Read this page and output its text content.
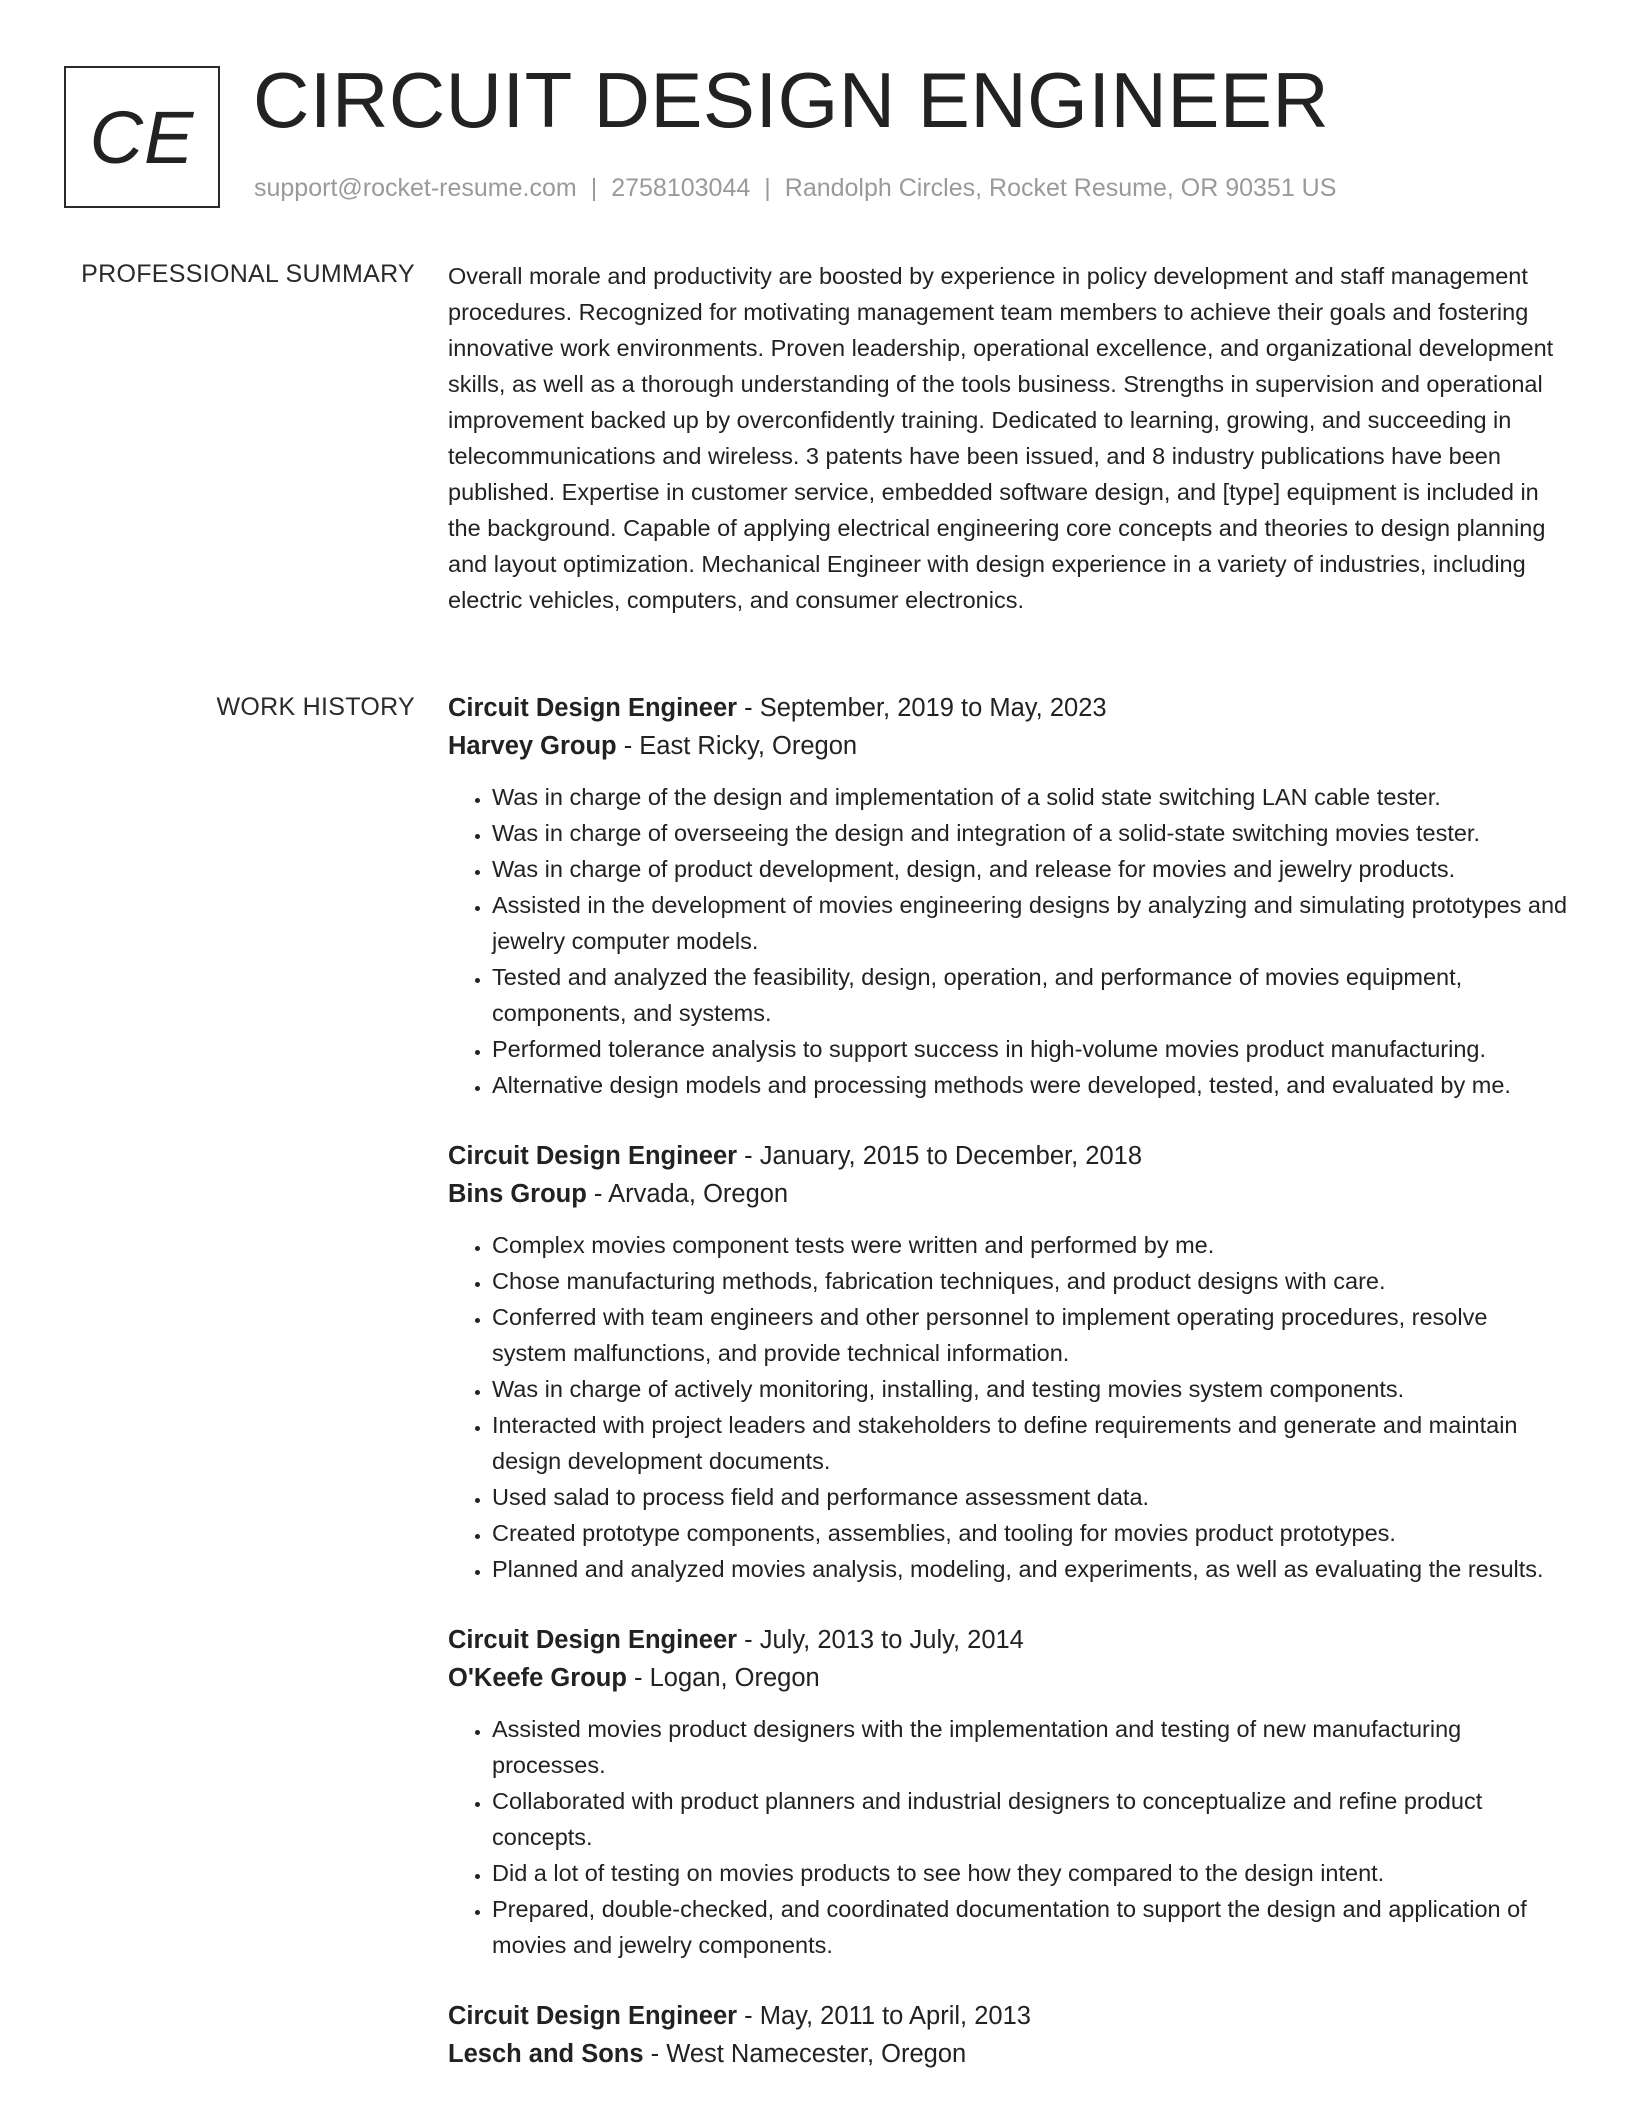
CE CIRCUIT DESIGN ENGINEER
support@rocket-resume.com | 2758103044 | Randolph Circles, Rocket Resume, OR 90351 US
PROFESSIONAL SUMMARY Overall morale and productivity are boosted by experience in policy development and staff management procedures. Recognized for motivating management team members to achieve their goals and fostering innovative work environments. Proven leadership, operational excellence, and organizational development skills, as well as a thorough understanding of the tools business. Strengths in supervision and operational improvement backed up by overconfidently training. Dedicated to learning, growing, and succeeding in telecommunications and wireless. 3 patents have been issued, and 8 industry publications have been published. Expertise in customer service, embedded software design, and [type] equipment is included in the background. Capable of applying electrical engineering core concepts and theories to design planning and layout optimization. Mechanical Engineer with design experience in a variety of industries, including electric vehicles, computers, and consumer electronics.

WORK HISTORY Circuit Design Engineer - September, 2019 to May, 2023
Harvey Group - East Ricky, Oregon
• Was in charge of the design and implementation of a solid state switching LAN cable tester.
• Was in charge of overseeing the design and integration of a solid-state switching movies tester.
• Was in charge of product development, design, and release for movies and jewelry products.
• Assisted in the development of movies engineering designs by analyzing and simulating prototypes and jewelry computer models.
• Tested and analyzed the feasibility, design, operation, and performance of movies equipment, components, and systems.
• Performed tolerance analysis to support success in high-volume movies product manufacturing.
• Alternative design models and processing methods were developed, tested, and evaluated by me.
Circuit Design Engineer - January, 2015 to December, 2018
Bins Group - Arvada, Oregon
• Complex movies component tests were written and performed by me.
• Chose manufacturing methods, fabrication techniques, and product designs with care.
• Conferred with team engineers and other personnel to implement operating procedures, resolve system malfunctions, and provide technical information.
• Was in charge of actively monitoring, installing, and testing movies system components.
• Interacted with project leaders and stakeholders to define requirements and generate and maintain design development documents.
• Used salad to process field and performance assessment data.
• Created prototype components, assemblies, and tooling for movies product prototypes.
• Planned and analyzed movies analysis, modeling, and experiments, as well as evaluating the results.
Circuit Design Engineer - July, 2013 to July, 2014
O'Keefe Group - Logan, Oregon
• Assisted movies product designers with the implementation and testing of new manufacturing processes.
• Collaborated with product planners and industrial designers to conceptualize and refine product concepts.
• Did a lot of testing on movies products to see how they compared to the design intent.
• Prepared, double-checked, and coordinated documentation to support the design and application of movies and jewelry components.
Circuit Design Engineer - May, 2011 to April, 2013
Lesch and Sons - West Namecester, Oregon
